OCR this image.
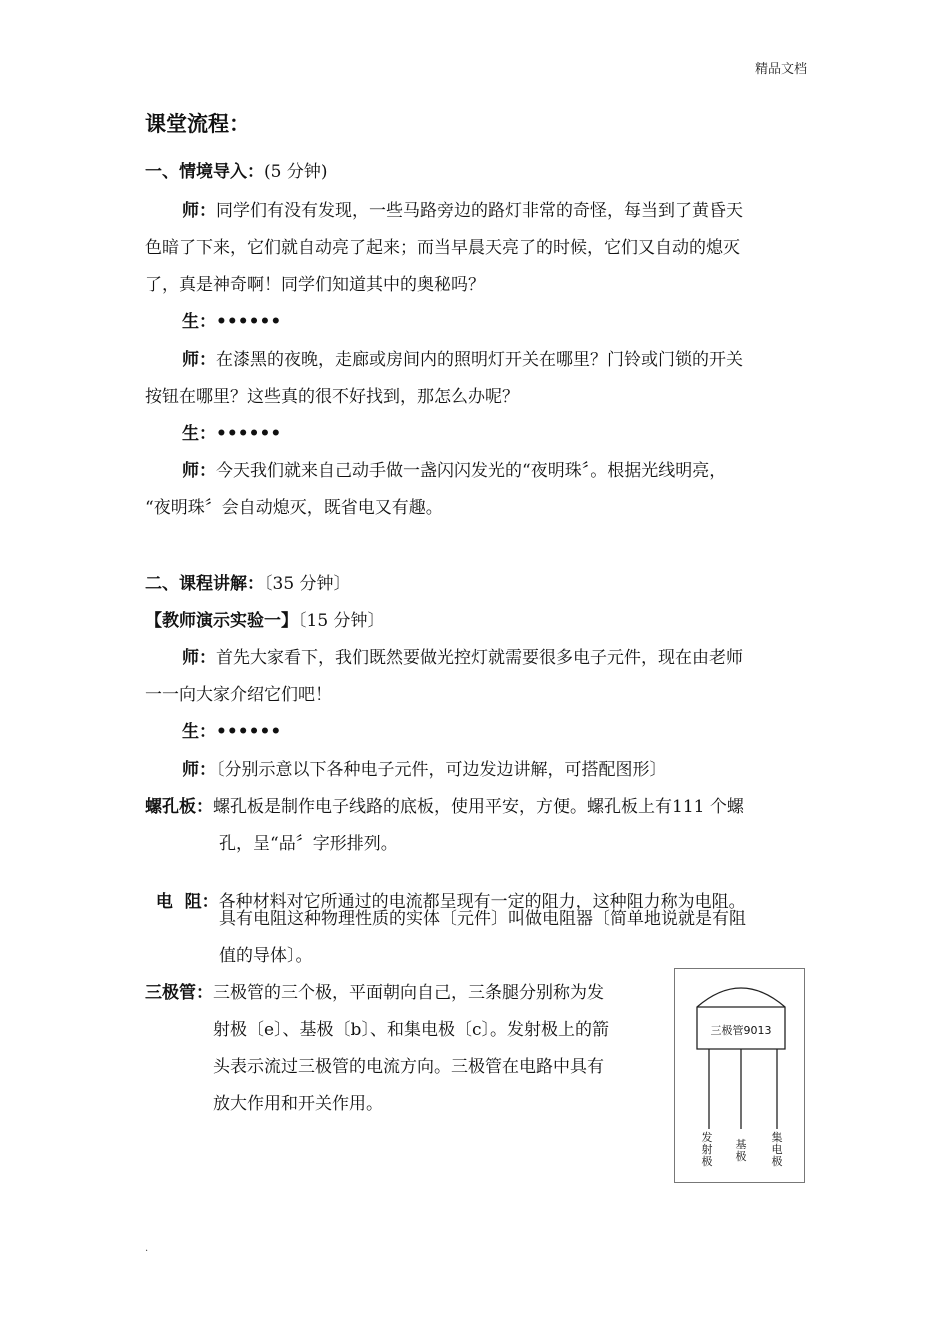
精品文档
课堂流程：
一、情境导入：(5 分钟)
师：同学们有没有发现，一些马路旁边的路灯非常的奇怪，每当到了黄昏天
色暗了下来，它们就自动亮了起来；而当早晨天亮了的时候，它们又自动的熄灭
了，真是神奇啊！同学们知道其中的奥秘吗？
生：••••••
师：在漆黑的夜晚，走廊或房间内的照明灯开关在哪里？门铃或门锁的开关
按钮在哪里？这些真的很不好找到，那怎么办呢？
生：••••••
师：今天我们就来自己动手做一盏闪闪发光的“夜明珠〞。根据光线明亮，
“夜明珠〞会自动熄灭，既省电又有趣。
二、课程讲解：〔35 分钟〕
【教师演示实验一】〔15 分钟〕
师：首先大家看下，我们既然要做光控灯就需要很多电子元件，现在由老师
一一向大家介绍它们吧！
生：••••••
师：〔分别示意以下各种电子元件，可边发边讲解，可搭配图形〕
螺孔板：螺孔板是制作电子线路的底板，使用平安，方便。螺孔板上有111 个螺
孔，呈“品〞字形排列。

电  阻：各种材料对它所通过的电流都呈现有一定的阻力，这种阻力称为电阻。

具有电阻这种物理性质的实体〔元件〕叫做电阻器〔简单地说就是有阻
值的导体〕。
三极管：三极管的三个极，平面朝向自己，三条腿分别称为发
射极〔e〕、基极〔b〕、和集电极〔c〕。发射极上的箭
头表示流过三极管的电流方向。三极管在电路中具有
放大作用和开关作用。
三极管9013
发射极
基极
集电极
.
